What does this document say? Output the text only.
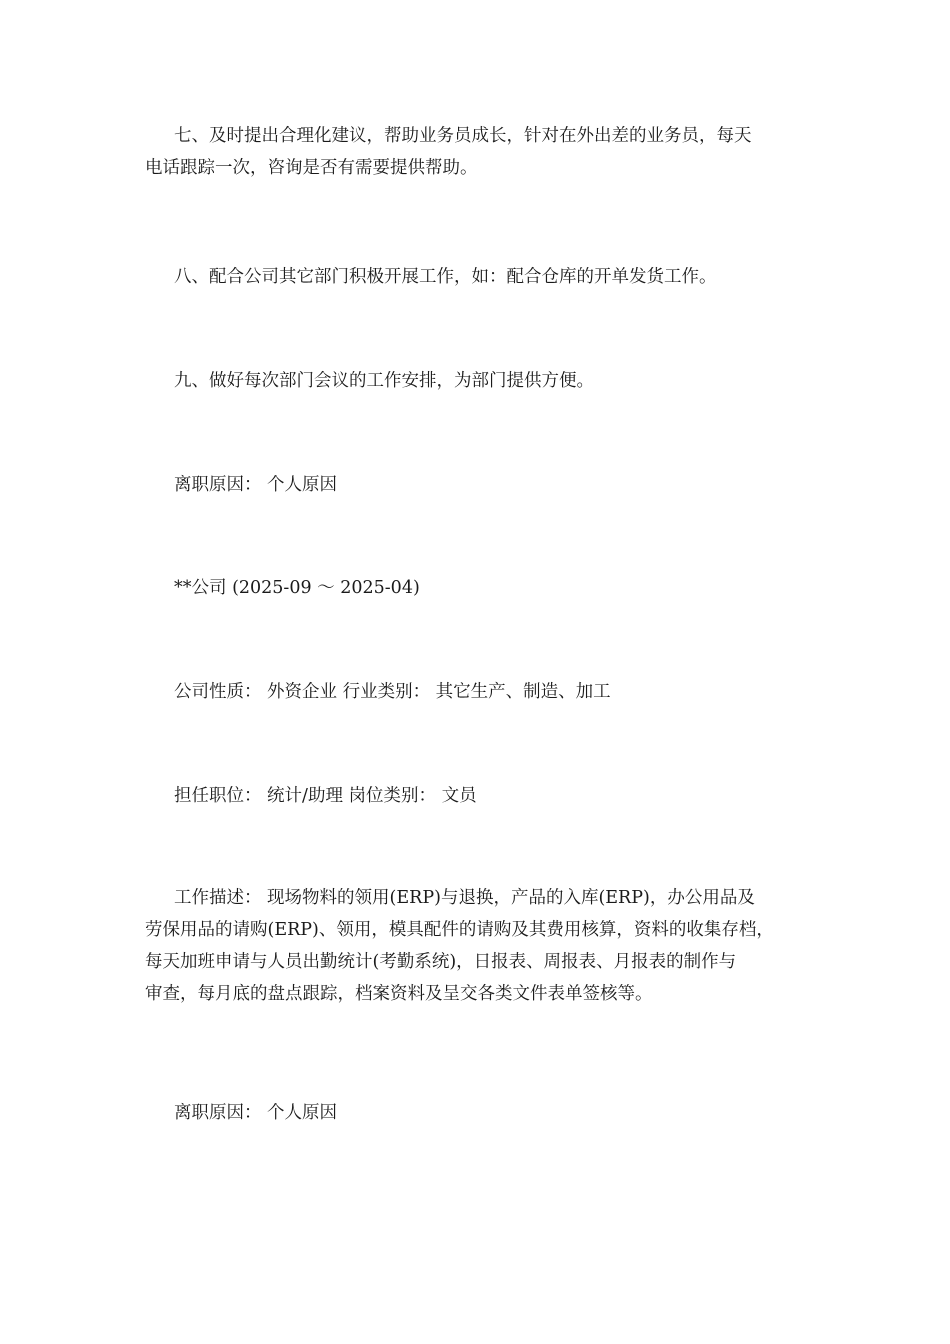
七、及时提出合理化建议，帮助业务员成长，针对在外出差的业务员，每天
电话跟踪一次，咨询是否有需要提供帮助。

八、配合公司其它部门积极开展工作，如：配合仓库的开单发货工作。

九、做好每次部门会议的工作安排，为部门提供方便。

离职原因： 个人原因

**公司 (2025-09 ～ 2025-04)

公司性质： 外资企业 行业类别： 其它生产、制造、加工

担任职位： 统计/助理 岗位类别： 文员

工作描述： 现场物料的领用(ERP)与退换，产品的入库(ERP)，办公用品及
劳保用品的请购(ERP)、领用，模具配件的请购及其费用核算，资料的收集存档，
每天加班申请与人员出勤统计(考勤系统)，日报表、周报表、月报表的制作与
审查，每月底的盘点跟踪，档案资料及呈交各类文件表单签核等。

离职原因： 个人原因
